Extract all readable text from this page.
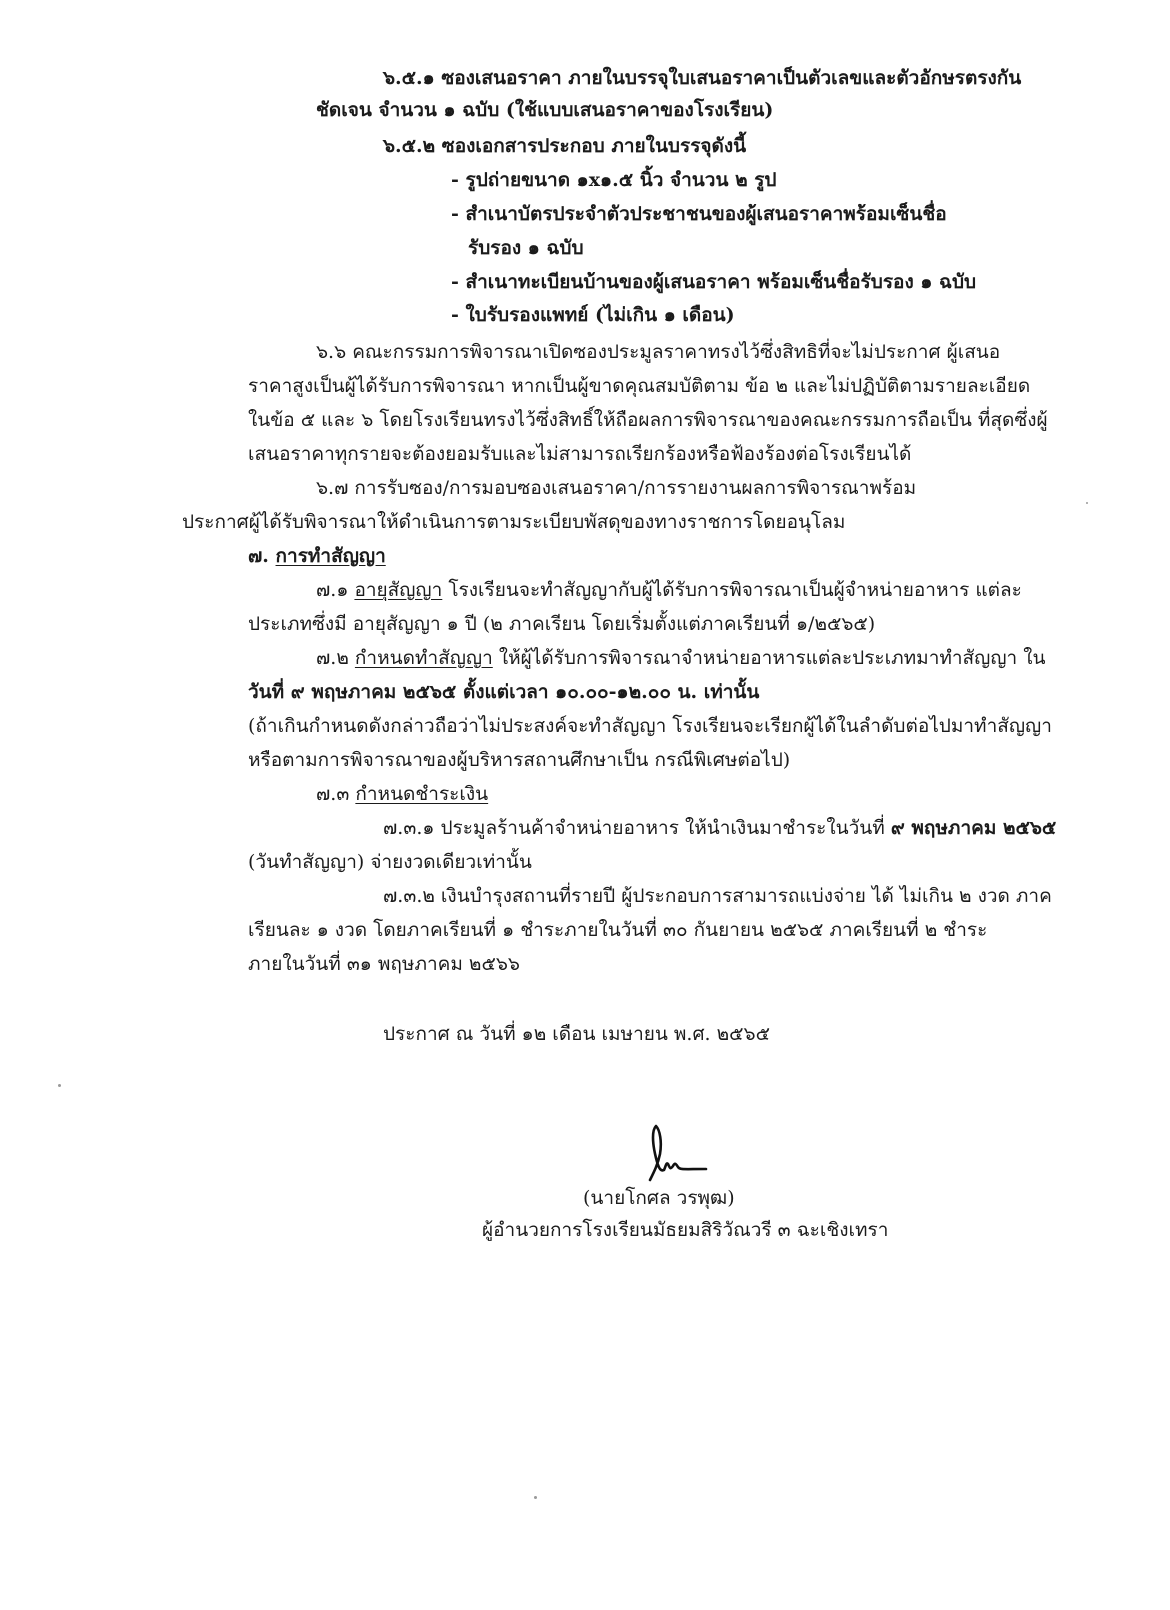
๖.๕.๑ ซองเสนอราคา ภายในบรรจุใบเสนอราคาเป็นตัวเลขและตัวอักษรตรงกัน
ชัดเจน จำนวน ๑ ฉบับ (ใช้แบบเสนอราคาของโรงเรียน)
๖.๕.๒ ซองเอกสารประกอบ ภายในบรรจุดังนี้
- รูปถ่ายขนาด ๑x๑.๕ นิ้ว จำนวน ๒ รูป
- สำเนาบัตรประจำตัวประชาชนของผู้เสนอราคาพร้อมเซ็นชื่อ
รับรอง ๑ ฉบับ
- สำเนาทะเบียนบ้านของผู้เสนอราคา พร้อมเซ็นชื่อรับรอง ๑ ฉบับ
- ใบรับรองแพทย์ (ไม่เกิน ๑ เดือน)
๖.๖ คณะกรรมการพิจารณาเปิดซองประมูลราคาทรงไว้ซึ่งสิทธิที่จะไม่ประกาศ ผู้เสนอ
ราคาสูงเป็นผู้ได้รับการพิจารณา หากเป็นผู้ขาดคุณสมบัติตาม ข้อ ๒ และไม่ปฏิบัติตามรายละเอียด
ในข้อ ๕ และ ๖ โดยโรงเรียนทรงไว้ซึ่งสิทธิ์ให้ถือผลการพิจารณาของคณะกรรมการถือเป็น ที่สุดซึ่งผู้
เสนอราคาทุกรายจะต้องยอมรับและไม่สามารถเรียกร้องหรือฟ้องร้องต่อโรงเรียนได้
๖.๗ การรับซอง/การมอบซองเสนอราคา/การรายงานผลการพิจารณาพร้อม
ประกาศผู้ได้รับพิจารณาให้ดำเนินการตามระเบียบพัสดุของทางราชการโดยอนุโลม
๗. การทำสัญญา
๗.๑ อายุสัญญา โรงเรียนจะทำสัญญากับผู้ได้รับการพิจารณาเป็นผู้จำหน่ายอาหาร แต่ละ
ประเภทซึ่งมี อายุสัญญา ๑ ปี (๒ ภาคเรียน โดยเริ่มตั้งแต่ภาคเรียนที่ ๑/๒๕๖๕)
๗.๒ กำหนดทำสัญญา ให้ผู้ได้รับการพิจารณาจำหน่ายอาหารแต่ละประเภทมาทำสัญญา ใน
วันที่ ๙ พฤษภาคม ๒๕๖๕ ตั้งแต่เวลา ๑๐.๐๐-๑๒.๐๐ น. เท่านั้น
(ถ้าเกินกำหนดดังกล่าวถือว่าไม่ประสงค์จะทำสัญญา โรงเรียนจะเรียกผู้ได้ในลำดับต่อไปมาทำสัญญา
หรือตามการพิจารณาของผู้บริหารสถานศึกษาเป็น กรณีพิเศษต่อไป)
๗.๓ กำหนดชำระเงิน
๗.๓.๑ ประมูลร้านค้าจำหน่ายอาหาร ให้นำเงินมาชำระในวันที่ ๙ พฤษภาคม ๒๕๖๕
(วันทำสัญญา) จ่ายงวดเดียวเท่านั้น
๗.๓.๒ เงินบำรุงสถานที่รายปี ผู้ประกอบการสามารถแบ่งจ่าย ได้ ไม่เกิน ๒ งวด ภาค
เรียนละ ๑ งวด โดยภาคเรียนที่ ๑ ชำระภายในวันที่ ๓๐ กันยายน ๒๕๖๕ ภาคเรียนที่ ๒ ชำระ
ภายในวันที่ ๓๑ พฤษภาคม ๒๕๖๖
ประกาศ ณ วันที่ ๑๒ เดือน เมษายน พ.ศ. ๒๕๖๕
(นายโกศล วรพุฒ)
ผู้อำนวยการโรงเรียนมัธยมสิริวัณวรี ๓ ฉะเชิงเทรา
